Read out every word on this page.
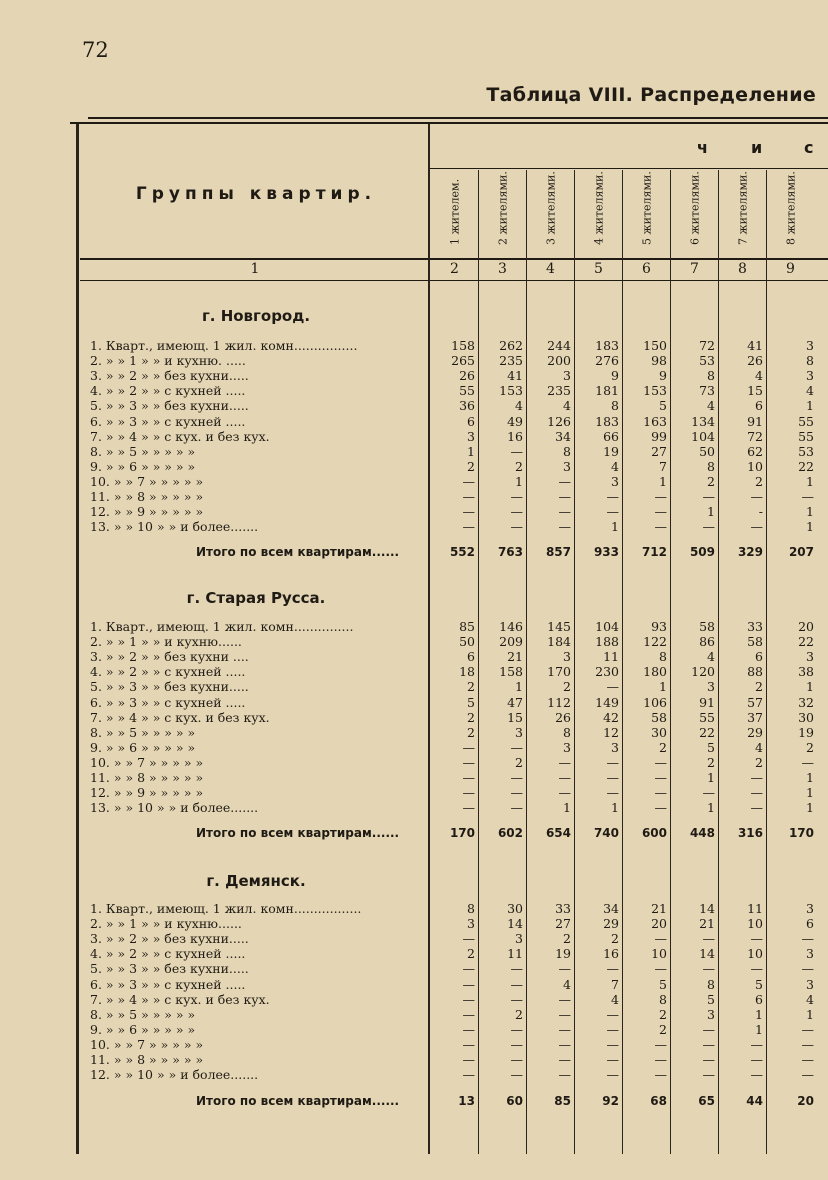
72
Таблица VIII. Распределение
Группы квартир.
ч	и	с
1 жителем.	2 жителями.	3 жителями.	4 жителями.	5 жителями.	6 жителями.	7 жителями.	8 жителями.
1	2	3	4	5	6	7	8	9
г. Новгород.
1. Кварт., имеющ. 1 жил. комн................	158	262	244	183	150	72	41	3
2. » » 1 » » и кухню. .....	265	235	200	276	98	53	26	8
3. » » 2 » » без кухни.....	26	41	3	9	9	8	4	3
4. » » 2 » » с кухней .....	55	153	235	181	153	73	15	4
5. » » 3 » » без кухни.....	36	4	4	8	5	4	6	1
6. » » 3 » » с кухней .....	6	49	126	183	163	134	91	55
7. » » 4 » » с кух. и без кух.	3	16	34	66	99	104	72	55
8. » » 5 » » » » »	1	—	8	19	27	50	62	53
9. » » 6 » » » » »	2	2	3	4	7	8	10	22
10. » » 7 » » » » »	—	1	—	3	1	2	2	1
11. » » 8 » » » » »	—	—	—	—	—	—	—	—
12. » » 9 » » » » »	—	—	—	—	—	1	-	1
13. » » 10 » » и более.......	—	—	—	1	—	—	—	1
Итого по всем квартирам......	552	763	857	933	712	509	329	207
г. Старая Русса.
1. Кварт., имеющ. 1 жил. комн...............	85	146	145	104	93	58	33	20
2. » » 1 » » и кухню......	50	209	184	188	122	86	58	22
3. » » 2 » » без кухни ....	6	21	3	11	8	4	6	3
4. » » 2 » » с кухней .....	18	158	170	230	180	120	88	38
5. » » 3 » » без кухни.....	2	1	2	—	1	3	2	1
6. » » 3 » » с кухней .....	5	47	112	149	106	91	57	32
7. » » 4 » » с кух. и без кух.	2	15	26	42	58	55	37	30
8. » » 5 » » » » »	2	3	8	12	30	22	29	19
9. » » 6 » » » » »	—	—	3	3	2	5	4	2
10. » » 7 » » » » »	—	2	—	—	—	2	2	—
11. » » 8 » » » » »	—	—	—	—	—	1	—	1
12. » » 9 » » » » »	—	—	—	—	—	—	—	1
13. » » 10 » » и более.......	—	—	1	1	—	1	—	1
Итого по всем квартирам......	170	602	654	740	600	448	316	170
г. Демянск.
1. Кварт., имеющ. 1 жил. комн.................	8	30	33	34	21	14	11	3
2. » » 1 » » и кухню......	3	14	27	29	20	21	10	6
3. » » 2 » » без кухни.....	—	3	2	2	—	—	—	—
4. » » 2 » » с кухней .....	2	11	19	16	10	14	10	3
5. » » 3 » » без кухни.....	—	—	—	—	—	—	—	—
6. » » 3 » » с кухней .....	—	—	4	7	5	8	5	3
7. » » 4 » » с кух. и без кух.	—	—	—	4	8	5	6	4
8. » » 5 » » » » »	—	2	—	—	2	3	1	1
9. » » 6 » » » » »	—	—	—	—	2	—	1	—
10. » » 7 » » » » »	—	—	—	—	—	—	—	—
11. » » 8 » » » » »	—	—	—	—	—	—	—	—
12. » » 10 » » и более.......	—	—	—	—	—	—	—	—
Итого по всем квартирам......	13	60	85	92	68	65	44	20
